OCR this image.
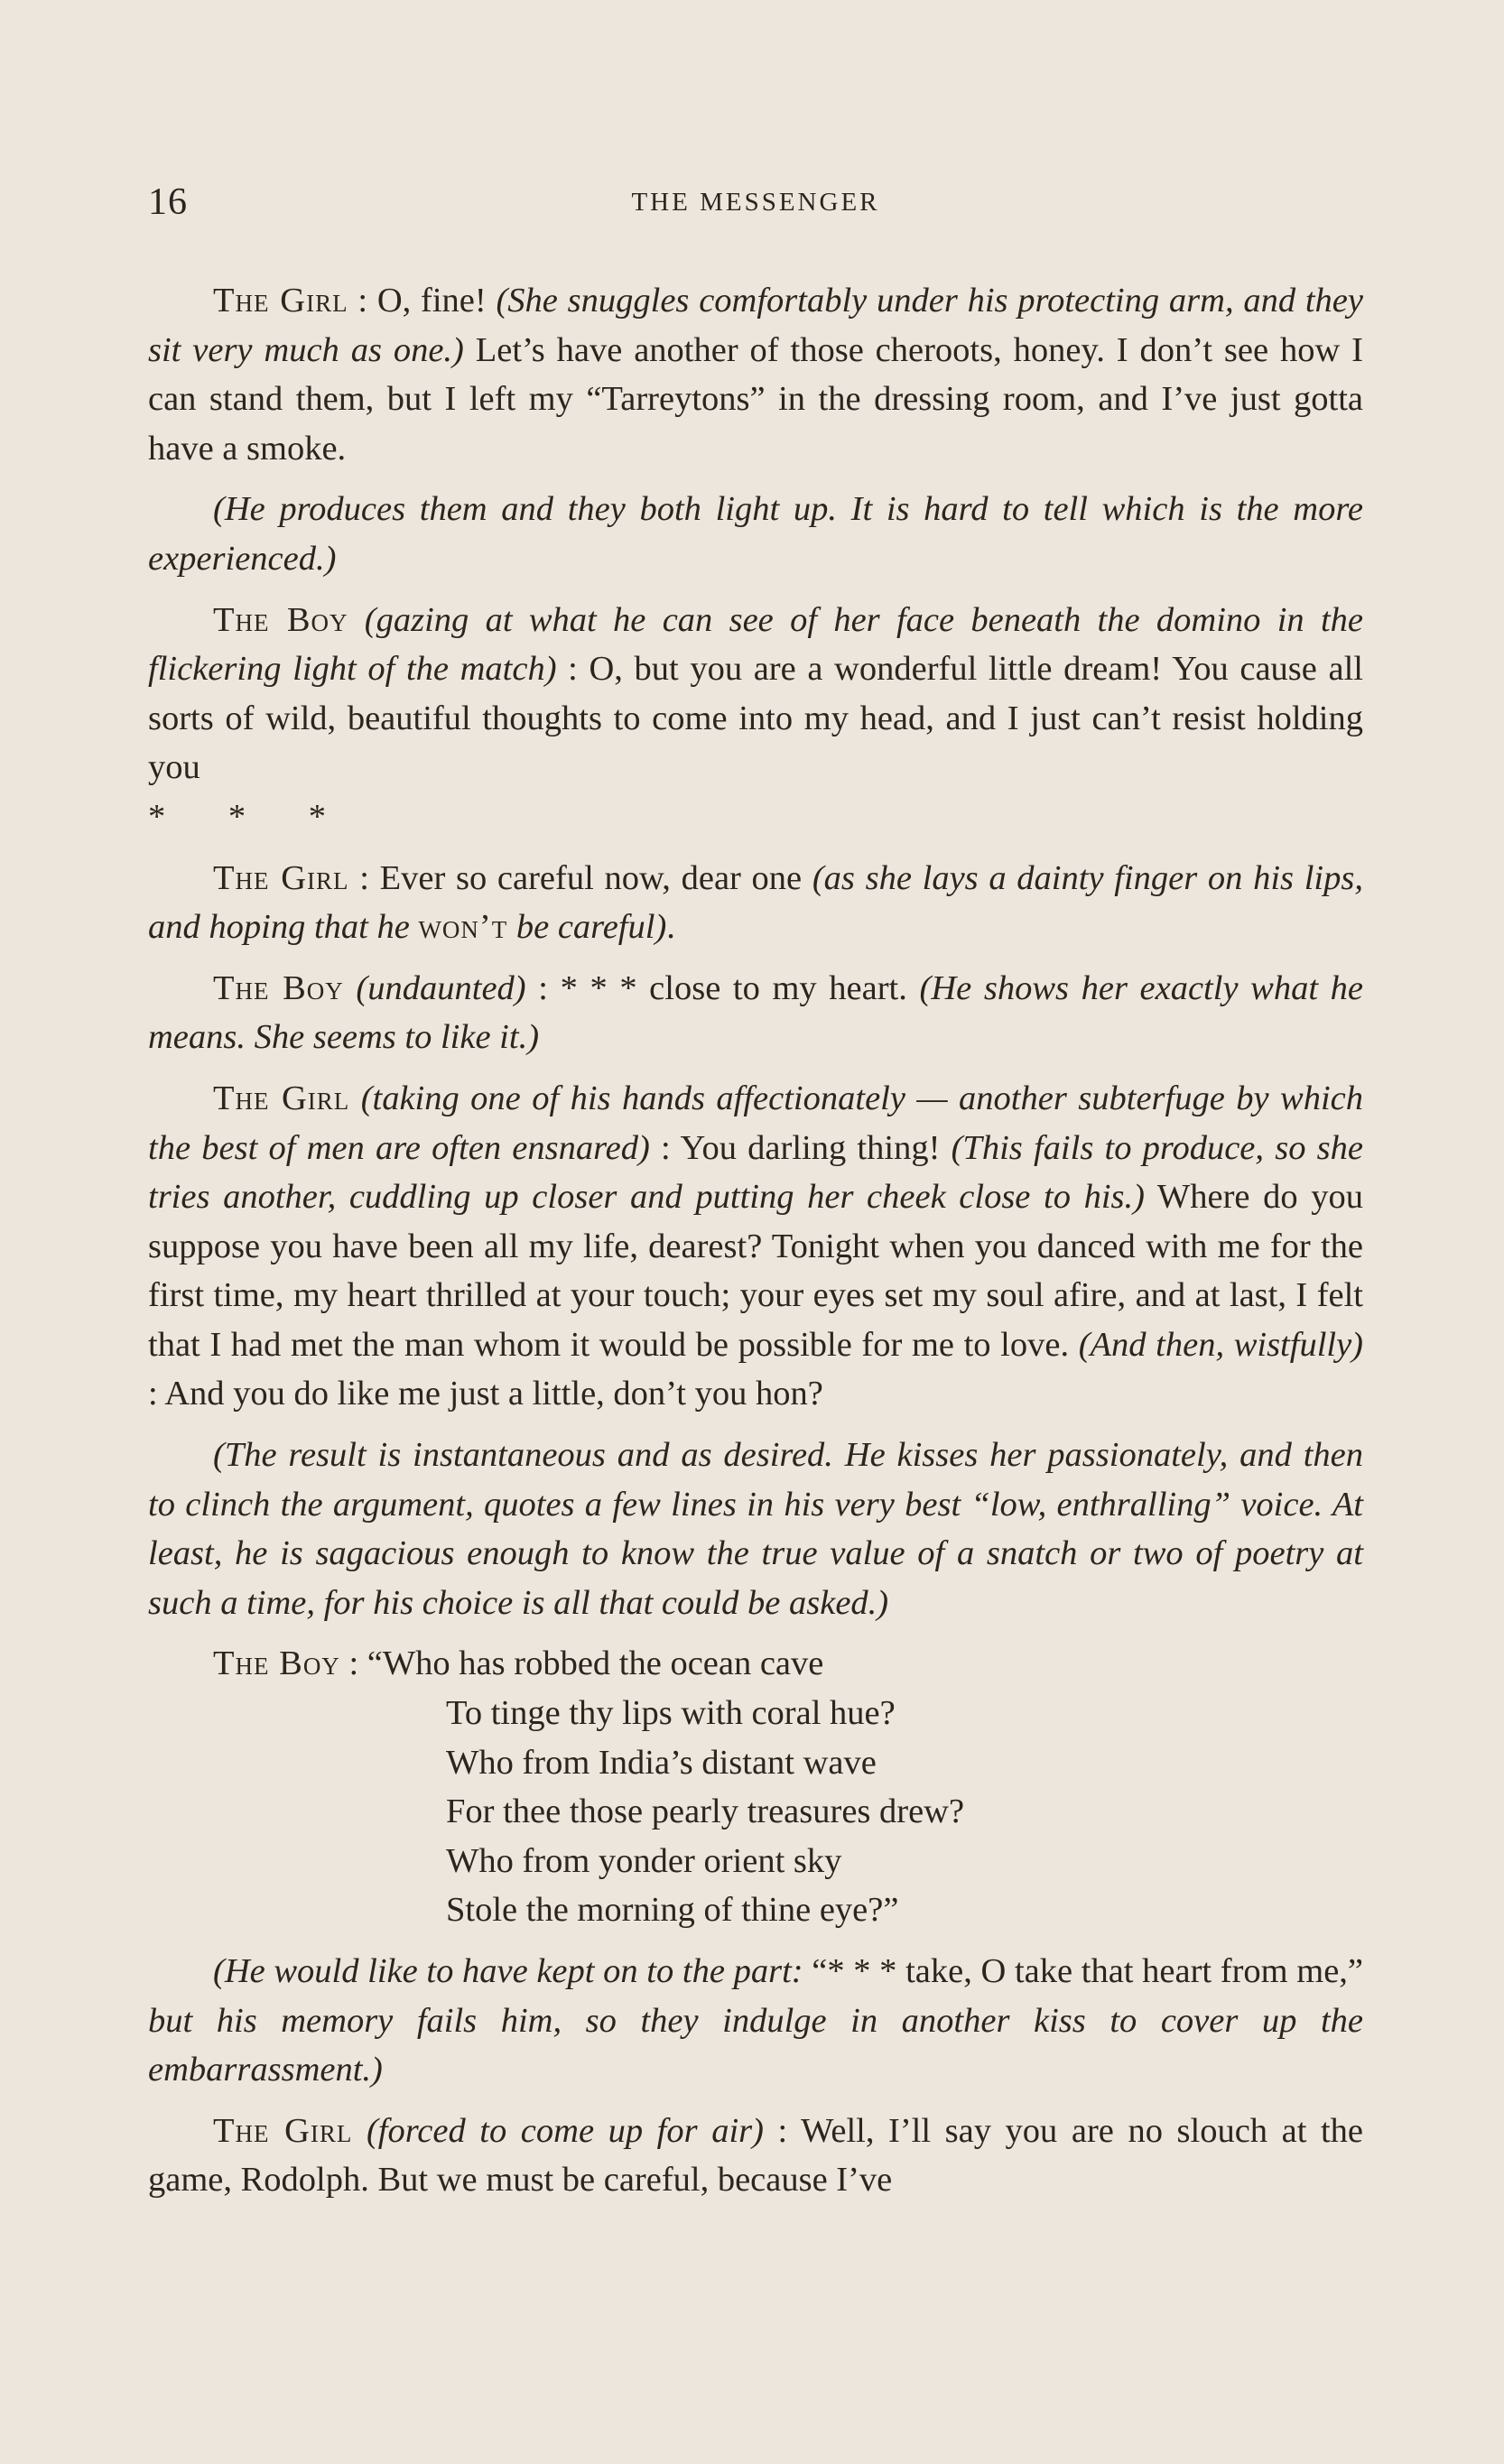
16	THE MESSENGER

The Girl : O, fine! (She snuggles comfortably under his protecting arm, and they sit very much as one.) Let’s have another of those cheroots, honey. I don’t see how I can stand them, but I left my “Tarreytons” in the dressing room, and I’ve just gotta have a smoke.

(He produces them and they both light up. It is hard to tell which is the more experienced.)

The Boy (gazing at what he can see of her face beneath the domino in the flickering light of the match) : O, but you are a wonderful little dream! You cause all sorts of wild, beautiful thoughts to come into my head, and I just can’t resist holding you
* * *

The Girl : Ever so careful now, dear one (as she lays a dainty finger on his lips, and hoping that he won’t be careful).

The Boy (undaunted) : * * * close to my heart. (He shows her exactly what he means. She seems to like it.)

The Girl (taking one of his hands affectionately — another subterfuge by which the best of men are often ensnared) : You darling thing! (This fails to produce, so she tries another, cuddling up closer and putting her cheek close to his.) Where do you suppose you have been all my life, dearest? Tonight when you danced with me for the first time, my heart thrilled at your touch; your eyes set my soul afire, and at last, I felt that I had met the man whom it would be possible for me to love. (And then, wistfully) : And you do like me just a little, don’t you hon?

(The result is instantaneous and as desired. He kisses her passionately, and then to clinch the argument, quotes a few lines in his very best “low, enthralling” voice. At least, he is sagacious enough to know the true value of a snatch or two of poetry at such a time, for his choice is all that could be asked.)

The Boy : “Who has robbed the ocean cave
To tinge thy lips with coral hue?
Who from India’s distant wave
For thee those pearly treasures drew?
Who from yonder orient sky
Stole the morning of thine eye?”

(He would like to have kept on to the part: “* * * take, O take that heart from me,” but his memory fails him, so they indulge in another kiss to cover up the embarrassment.)

The Girl (forced to come up for air) : Well, I’ll say you are no slouch at the game, Rodolph. But we must be careful, because I’ve
